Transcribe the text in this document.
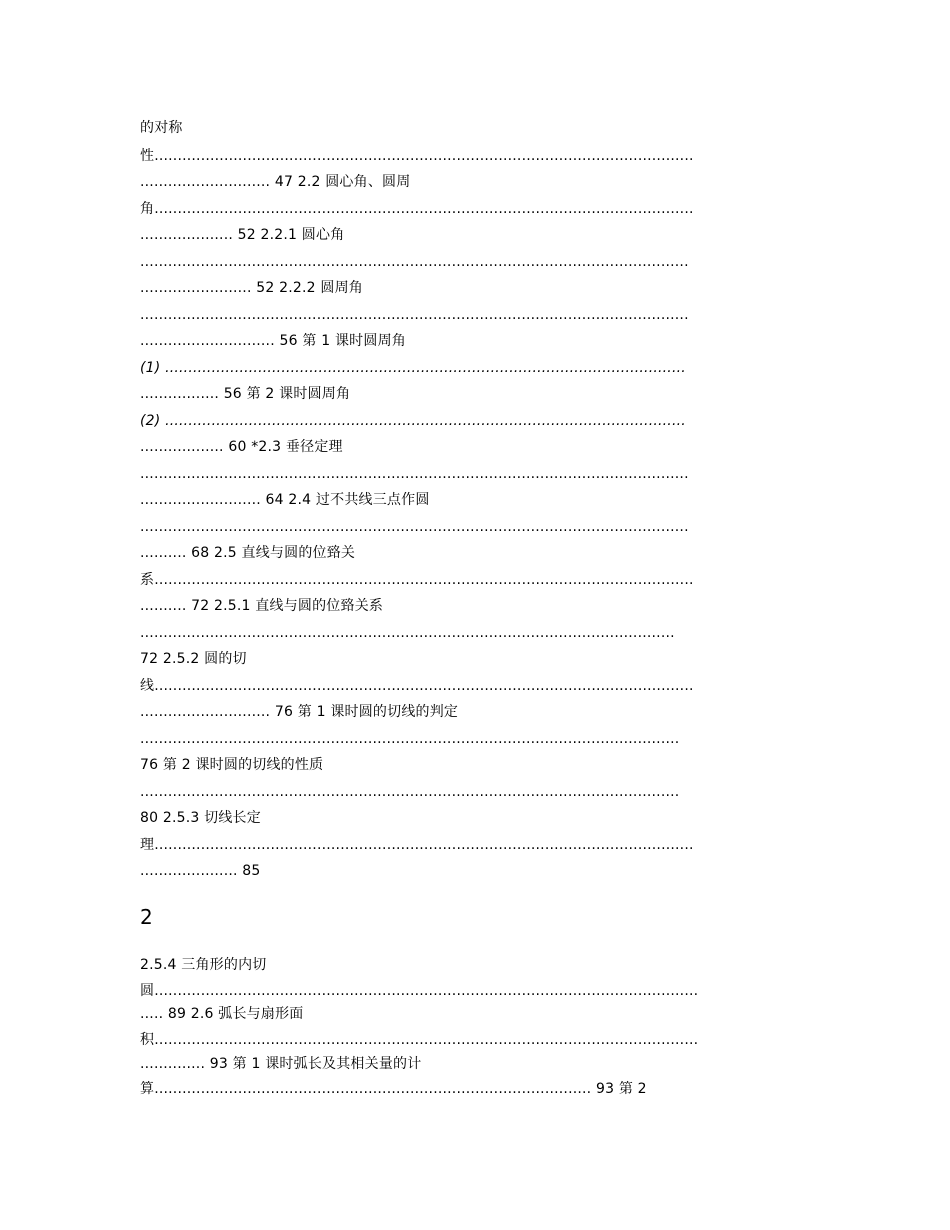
的对称
性....................................................................................................................
............................ 47 2.2 圆心角、圆周
角....................................................................................................................
.................... 52 2.2.1 圆心角
......................................................................................................................
........................ 52 2.2.2 圆周角
......................................................................................................................
............................. 56 第 1 课时圆周角
(1) ................................................................................................................
................. 56 第 2 课时圆周角
(2) ................................................................................................................
.................. 60 *2.3 垂径定理
......................................................................................................................
.......................... 64 2.4 过不共线三点作圆
......................................................................................................................
.......... 68 2.5 直线与圆的位臵关
系....................................................................................................................
.......... 72 2.5.1 直线与圆的位臵关系
...................................................................................................................
72 2.5.2 圆的切
线....................................................................................................................
............................ 76 第 1 课时圆的切线的判定
....................................................................................................................
76 第 2 课时圆的切线的性质
....................................................................................................................
80 2.5.3 切线长定
理....................................................................................................................
..................... 85
2
2.5.4 三角形的内切
圆.....................................................................................................................
..... 89 2.6 弧长与扇形面
积.....................................................................................................................
.............. 93 第 1 课时弧长及其相关量的计
算.............................................................................................. 93 第 2
